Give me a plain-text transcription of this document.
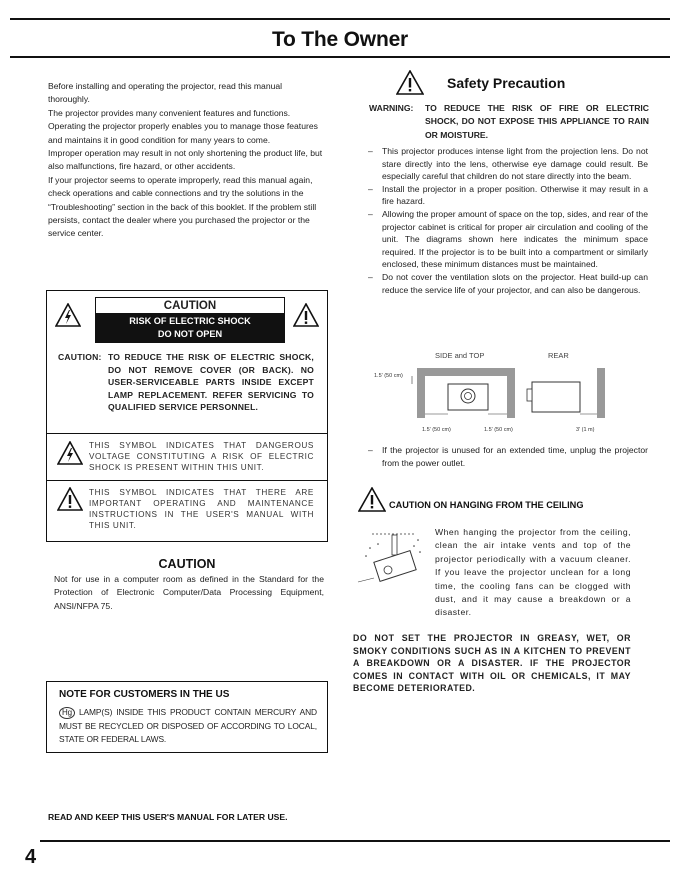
To The Owner

Before installing and operating the projector, read this manual thoroughly.

The projector provides many convenient features and functions. Operating the projector properly enables you to manage those features and maintains it in good condition for many years to come.

Improper operation may result in not only shortening the product life, but also malfunctions, fire hazard, or other accidents.

If your projector seems to operate improperly, read this manual again, check operations and cable connections and try the solutions in the “Troubleshooting” section in the back of this booklet. If the problem still persists, contact the dealer where you purchased the projector or the service center.

CAUTION
RISK OF ELECTRIC SHOCK
DO NOT OPEN
CAUTION: TO REDUCE THE RISK OF ELECTRIC SHOCK, DO NOT REMOVE COVER (OR BACK). NO USER-SERVICEABLE PARTS INSIDE EXCEPT LAMP REPLACEMENT. REFER SERVICING TO QUALIFIED SERVICE PERSONNEL.
THIS SYMBOL INDICATES THAT DANGEROUS VOLTAGE CONSTITUTING A RISK OF ELECTRIC SHOCK IS PRESENT WITHIN THIS UNIT.
THIS SYMBOL INDICATES THAT THERE ARE IMPORTANT OPERATING AND MAINTENANCE INSTRUCTIONS IN THE USER'S MANUAL WITH THIS UNIT.
CAUTION
Not for use in a computer room as defined in the Standard for the Protection of Electronic Computer/Data Processing Equipment, ANSI/NFPA 75.
NOTE FOR CUSTOMERS IN THE US
Hg LAMP(S) INSIDE THIS PRODUCT CONTAIN MERCURY AND MUST BE RECYCLED OR DISPOSED OF ACCORDING TO LOCAL, STATE OR FEDERAL LAWS.
READ AND KEEP THIS USER'S MANUAL FOR LATER USE.
4
Safety Precaution
WARNING: TO REDUCE THE RISK OF FIRE OR ELECTRIC SHOCK, DO NOT EXPOSE THIS APPLIANCE TO RAIN OR MOISTURE.
– This projector produces intense light from the projection lens. Do not stare directly into the lens, otherwise eye damage could result. Be especially careful that children do not stare directly into the beam.
– Install the projector in a proper position. Otherwise it may result in a fire hazard.
– Allowing the proper amount of space on the top, sides, and rear of the projector cabinet is critical for proper air circulation and cooling of the unit. The diagrams shown here indicates the minimum space required. If the projector is to be built into a compartment or similarly enclosed, these minimum distances must be maintained.
– Do not cover the ventilation slots on the projector. Heat build-up can reduce the service life of your projector, and can also be dangerous.
SIDE and TOP	REAR
1.5' (50 cm)
1.5' (50 cm)	1.5' (50 cm)	3' (1 m)
– If the projector is unused for an extended time, unplug the projector from the power outlet.
CAUTION ON HANGING FROM THE CEILING
When hanging the projector from the ceiling, clean the air intake vents and top of the projector periodically with a vacuum cleaner. If you leave the projector unclean for a long time, the cooling fans can be clogged with dust, and it may cause a breakdown or a disaster.
DO NOT SET THE PROJECTOR IN GREASY, WET, OR SMOKY CONDITIONS SUCH AS IN A KITCHEN TO PREVENT A BREAKDOWN OR A DISASTER. IF THE PROJECTOR COMES IN CONTACT WITH OIL OR CHEMICALS, IT MAY BECOME DETERIORATED.
